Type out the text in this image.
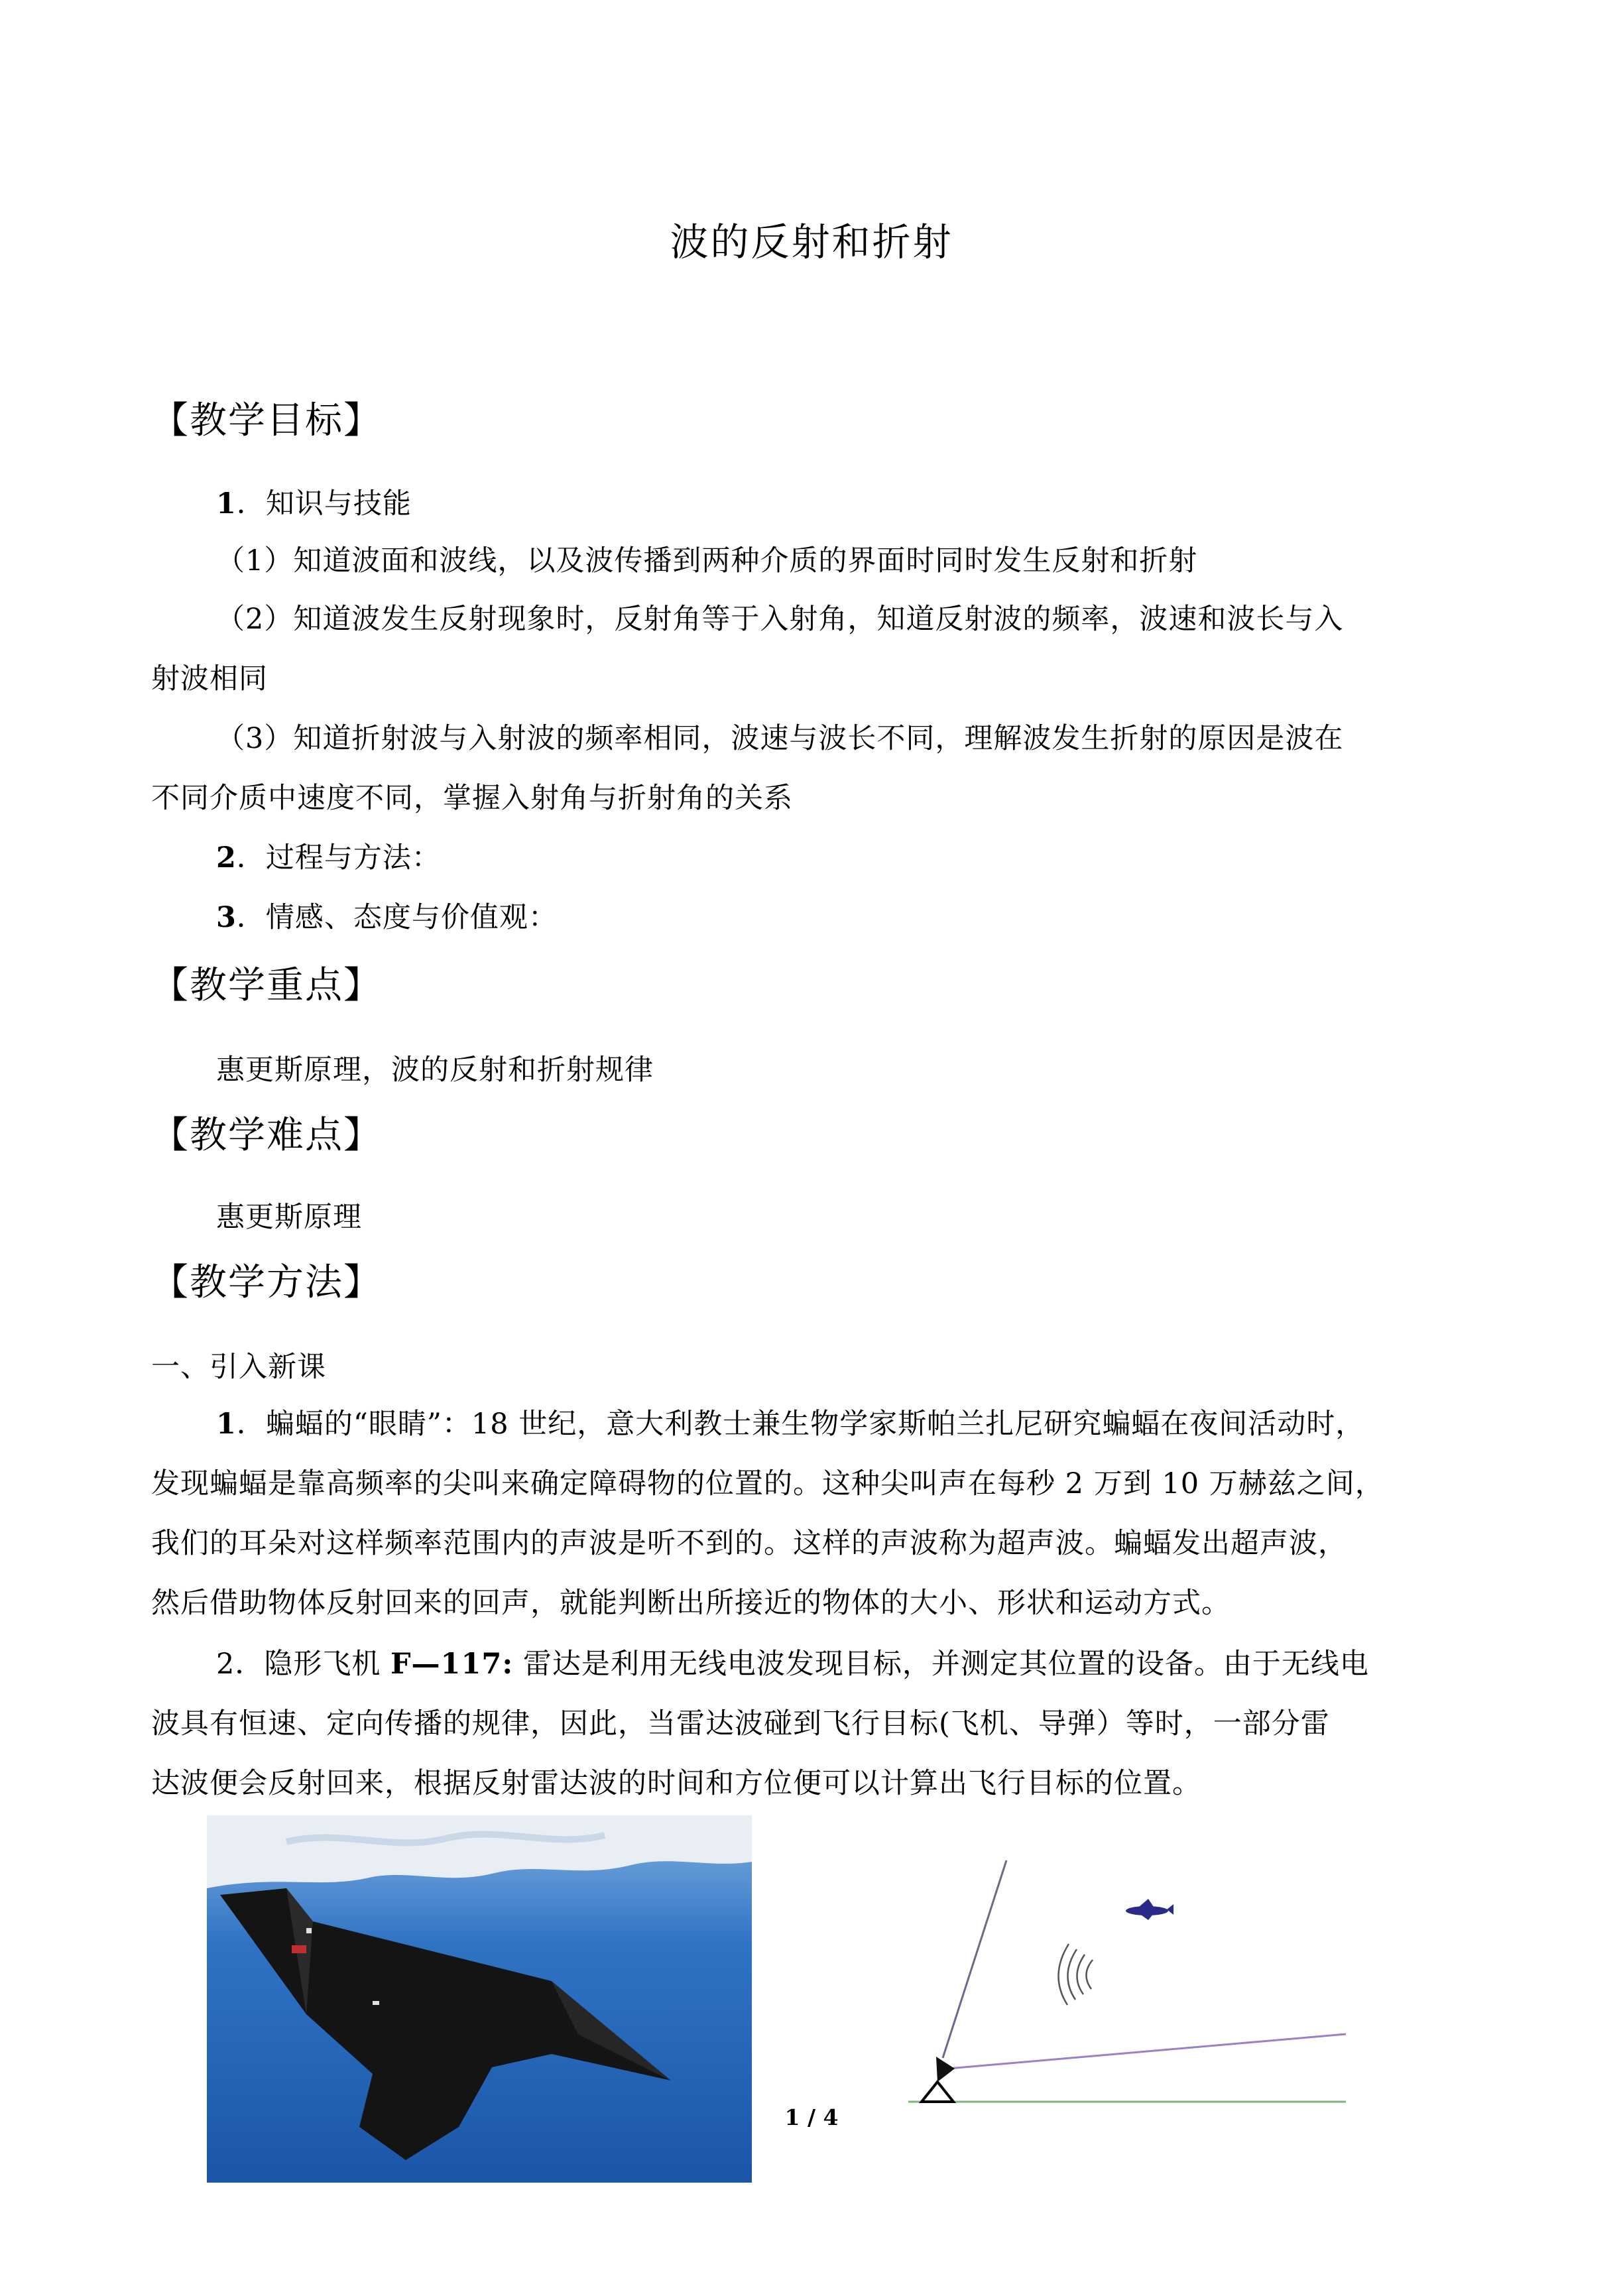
波的反射和折射
【教学目标】
1．知识与技能
（1）知道波面和波线，以及波传播到两种介质的界面时同时发生反射和折射
（2）知道波发生反射现象时，反射角等于入射角，知道反射波的频率，波速和波长与入
射波相同
（3）知道折射波与入射波的频率相同，波速与波长不同，理解波发生折射的原因是波在
不同介质中速度不同，掌握入射角与折射角的关系
2．过程与方法：
3．情感、态度与价值观：
【教学重点】
惠更斯原理，波的反射和折射规律
【教学难点】
惠更斯原理
【教学方法】
一、引入新课
1．蝙蝠的“眼睛”：18 世纪，意大利教士兼生物学家斯帕兰扎尼研究蝙蝠在夜间活动时，
发现蝙蝠是靠高频率的尖叫来确定障碍物的位置的。这种尖叫声在每秒 2 万到 10 万赫兹之间，
我们的耳朵对这样频率范围内的声波是听不到的。这样的声波称为超声波。蝙蝠发出超声波，
然后借助物体反射回来的回声，就能判断出所接近的物体的大小、形状和运动方式。
2．隐形飞机 F—117: 雷达是利用无线电波发现目标，并测定其位置的设备。由于无线电
波具有恒速、定向传播的规律，因此，当雷达波碰到飞行目标(飞机、导弹）等时，一部分雷
达波便会反射回来，根据反射雷达波的时间和方位便可以计算出飞行目标的位置。
1 / 4
